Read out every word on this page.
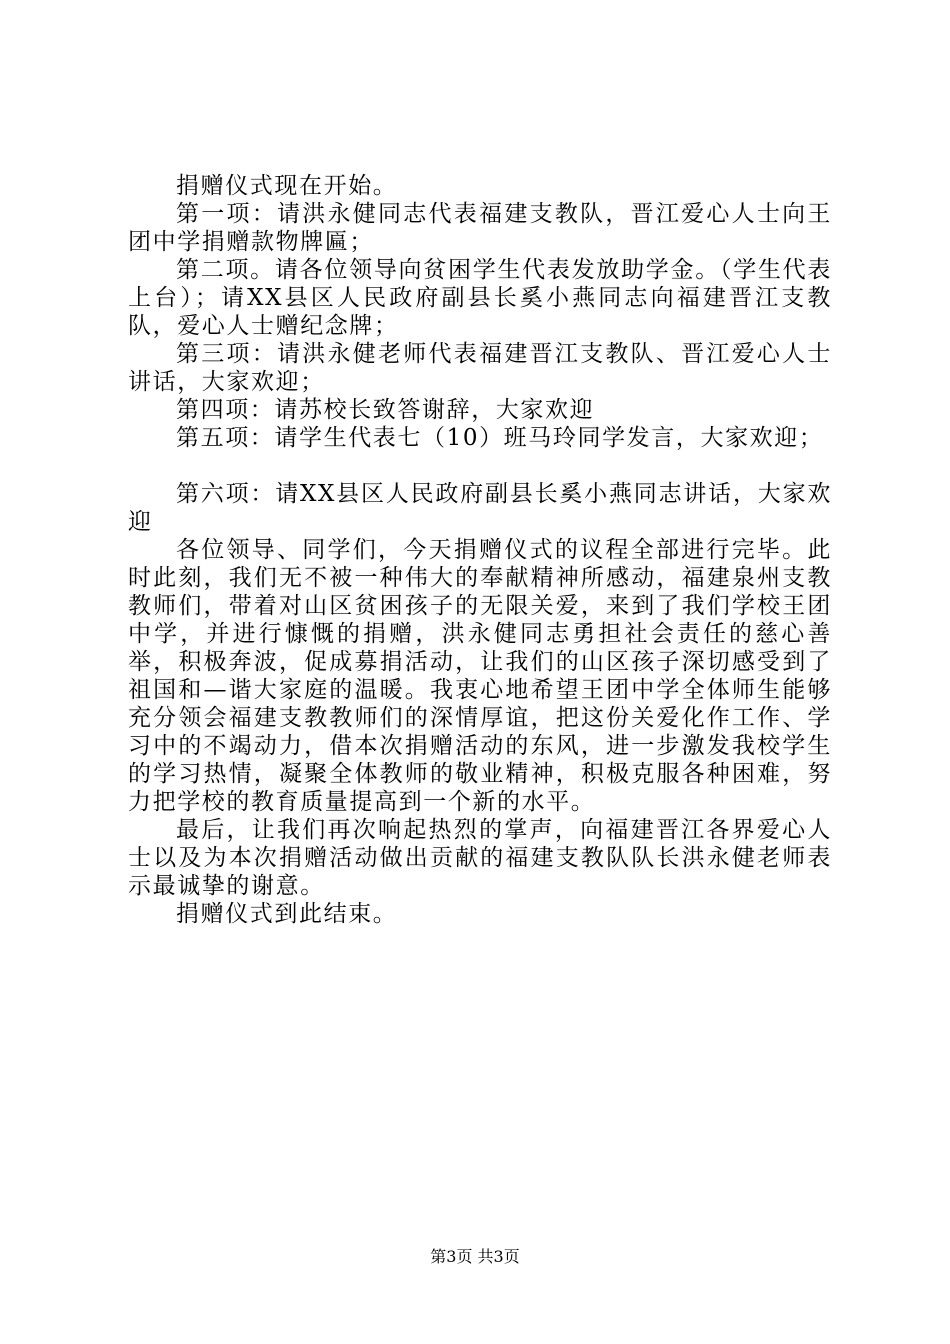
捐赠仪式现在开始。

第一项：请洪永健同志代表福建支教队，晋江爱心人士向王团中学捐赠款物牌匾；

第二项。请各位领导向贫困学生代表发放助学金。（学生代表上台）；请XX县区人民政府副县长奚小燕同志向福建晋江支教队，爱心人士赠纪念牌；

第三项：请洪永健老师代表福建晋江支教队、晋江爱心人士讲话，大家欢迎；

第四项：请苏校长致答谢辞，大家欢迎

第五项：请学生代表七（10）班马玲同学发言，大家欢迎；

第六项：请XX县区人民政府副县长奚小燕同志讲话，大家欢迎

各位领导、同学们，今天捐赠仪式的议程全部进行完毕。此时此刻，我们无不被一种伟大的奉献精神所感动，福建泉州支教教师们，带着对山区贫困孩子的无限关爱，来到了我们学校王团中学，并进行慷慨的捐赠，洪永健同志勇担社会责任的慈心善举，积极奔波，促成募捐活动，让我们的山区孩子深切感受到了祖国和—谐大家庭的温暖。我衷心地希望王团中学全体师生能够充分领会福建支教教师们的深情厚谊，把这份关爱化作工作、学习中的不竭动力，借本次捐赠活动的东风，进一步激发我校学生的学习热情，凝聚全体教师的敬业精神，积极克服各种困难，努力把学校的教育质量提高到一个新的水平。

最后，让我们再次响起热烈的掌声，向福建晋江各界爱心人士以及为本次捐赠活动做出贡献的福建支教队队长洪永健老师表示最诚挚的谢意。

捐赠仪式到此结束。

第3页 共3页
